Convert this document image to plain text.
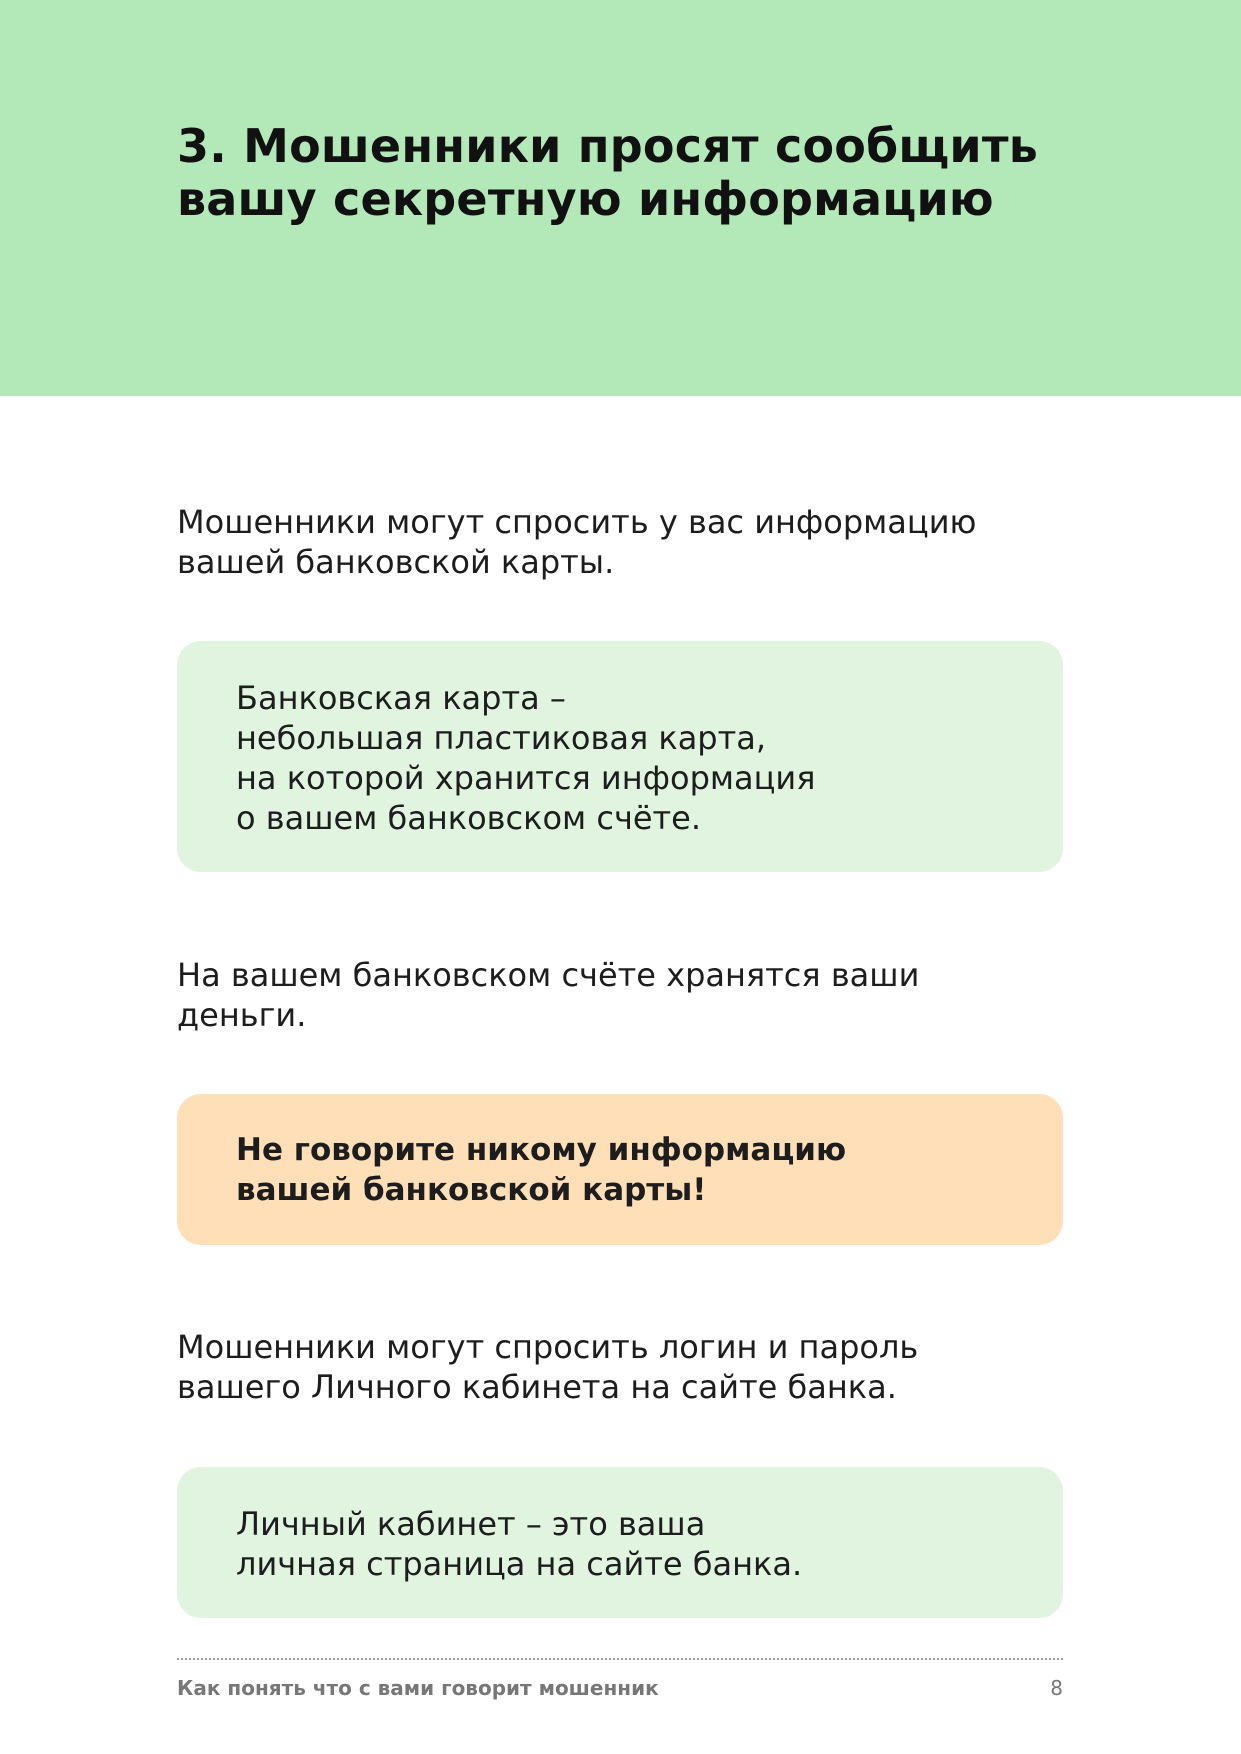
3. Мошенники просят сообщить
вашу секретную информацию

Мошенники могут спросить у вас информацию
вашей банковской карты.

Банковская карта –
небольшая пластиковая карта,
на которой хранится информация
о вашем банковском счёте.

На вашем банковском счёте хранятся ваши
деньги.

Не говорите никому информацию
вашей банковской карты!

Мошенники могут спросить логин и пароль
вашего Личного кабинета на сайте банка.

Личный кабинет – это ваша
личная страница на сайте банка.

Как понять что с вами говорит мошенник	8
